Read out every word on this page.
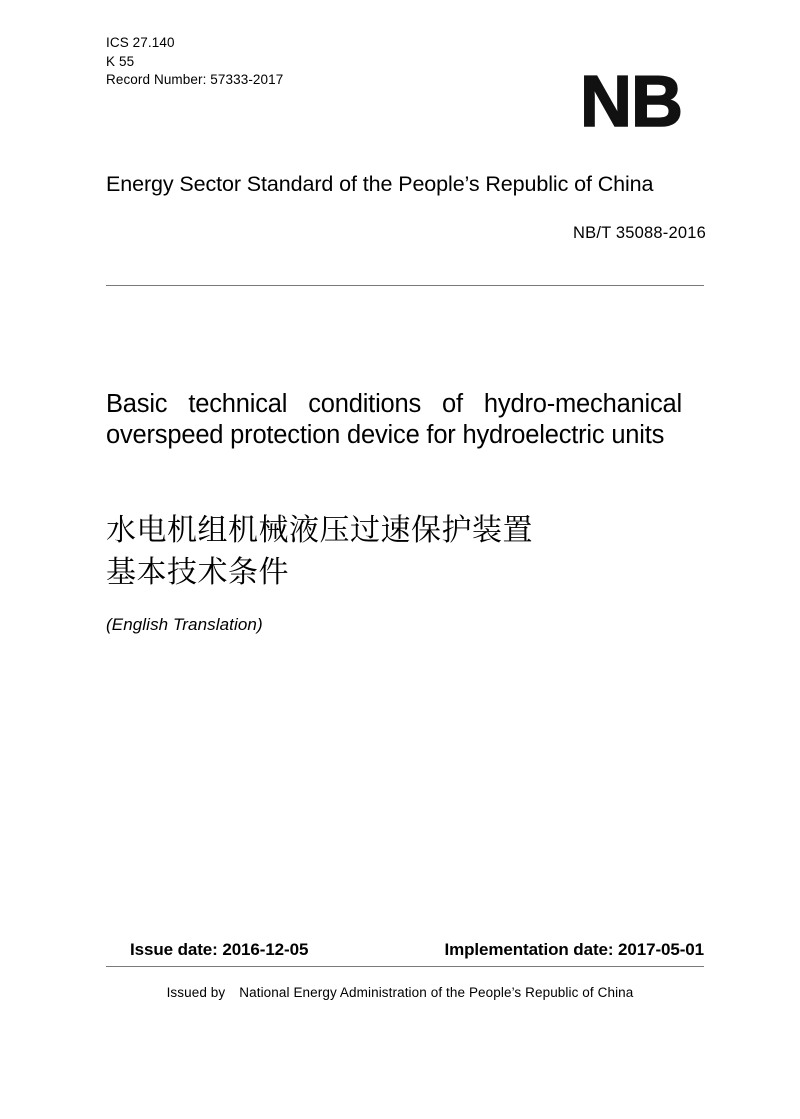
ICS 27.140
K 55
Record Number: 57333-2017	NB
Energy Sector Standard of the People’s Republic of China
NB/T 35088-2016
Basic technical conditions of hydro-mechanical overspeed protection device for hydroelectric units
水电机组机械液压过速保护装置
基本技术条件
(English Translation)
Issue date: 2016-12-05	Implementation date: 2017-05-01
Issued by National Energy Administration of the People’s Republic of China
